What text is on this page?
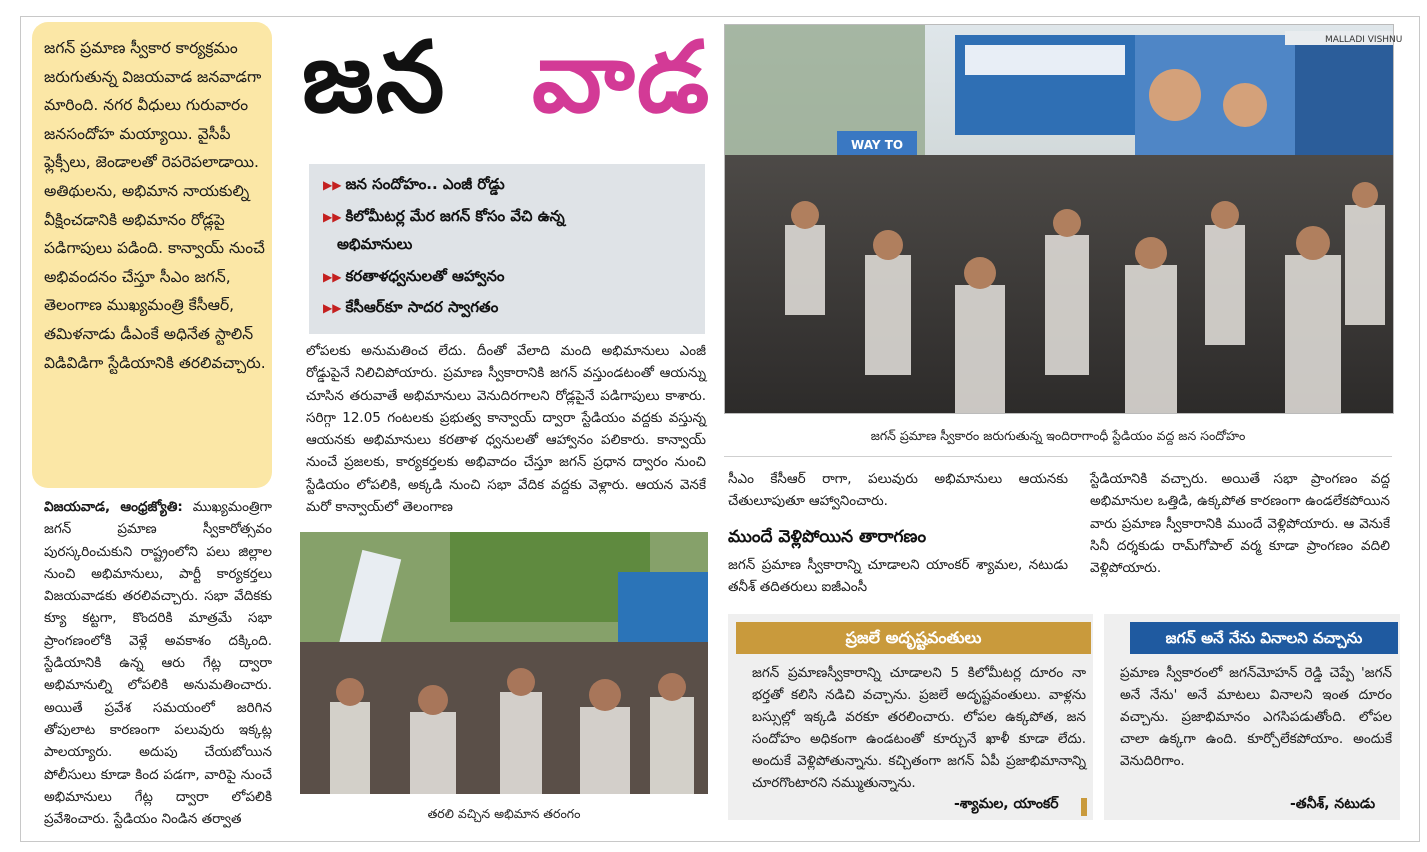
జగన్ ప్రమాణ స్వీకార కార్యక్రమం జరుగుతున్న విజయవాడ జనవాడగా మారింది. నగర వీధులు గురువారం జనసందోహ మయ్యాయి. వైసీపీ ఫ్లెక్సీలు, జెండాలతో రెపరెపలాడాయి. అతిథులను, అభిమాన నాయకుల్ని వీక్షించడానికి అభిమానం రోడ్లపై పడిగాపులు పడింది. కాన్వాయ్ నుంచే అభివందనం చేస్తూ సీఎం జగన్, తెలంగాణ ముఖ్యమంత్రి కేసీఆర్, తమిళనాడు డీఎంకే అధినేత స్టాలిన్ విడివిడిగా స్టేడియానికి తరలివచ్చారు.
జన వాడ
▶▶ జన సందోహం.. ఎంజీ రోడ్డు
▶▶ కిలోమీటర్ల మేర జగన్ కోసం వేచి ఉన్న
అభిమానులు
▶▶ కరతాళధ్వనులతో ఆహ్వానం
▶▶ కేసీఆర్‌కూ సాదర స్వాగతం
MALLADI VISHNU
WAY TO
జగన్ ప్రమాణ స్వీకారం జరుగుతున్న ఇందిరాగాంధీ స్టేడియం వద్ద జన సందోహం
విజయవాడ, ఆంధ్రజ్యోతి: ముఖ్యమంత్రిగా జగన్ ప్రమాణ స్వీకారోత్సవం పురస్కరించుకుని రాష్ట్రంలోని పలు జిల్లాల నుంచి అభిమానులు, పార్టీ కార్యకర్తలు విజయవాడకు తరలివచ్చారు. సభా వేదికకు క్యూ కట్టగా, కొందరికి మాత్రమే సభా ప్రాంగణంలోకి వెళ్లే అవకాశం దక్కింది. స్టేడియానికి ఉన్న ఆరు గేట్ల ద్వారా అభిమానుల్ని లోపలికి అనుమతించారు. అయితే ప్రవేశ సమయంలో జరిగిన తోపులాట కారణంగా పలువురు ఇక్కట్ల పాలయ్యారు. అదుపు చేయబోయిన పోలీసులు కూడా కింద పడగా, వారిపై నుంచే అభిమానులు గేట్ల ద్వారా లోపలికి ప్రవేశించారు. స్టేడియం నిండిన తర్వాత
లోపలకు అనుమతించ లేదు. దీంతో వేలాది మంది అభిమానులు ఎంజీ రోడ్డుపైనే నిలిచిపోయారు. ప్రమాణ స్వీకారానికి జగన్ వస్తుండటంతో ఆయన్ను చూసిన తరువాతే అభిమానులు వెనుదిరగాలని రోడ్లపైనే పడిగాపులు కాశారు. సరిగ్గా 12.05 గంటలకు ప్రభుత్వ కాన్వాయ్ ద్వారా స్టేడియం వద్దకు వస్తున్న ఆయనకు అభిమానులు కరతాళ ధ్వనులతో ఆహ్వానం పలికారు. కాన్వాయ్ నుంచే ప్రజలకు, కార్యకర్తలకు అభివాదం చేస్తూ జగన్ ప్రధాన ద్వారం నుంచి స్టేడియం లోపలికి, అక్కడి నుంచి సభా వేదిక వద్దకు వెళ్లారు. ఆయన వెనకే మరో కాన్వాయ్‌లో తెలంగాణ
తరలి వచ్చిన అభిమాన తరంగం
సీఎం కేసీఆర్ రాగా, పలువురు అభిమానులు ఆయనకు చేతులూపుతూ ఆహ్వానించారు.
ముందే వెళ్లిపోయిన తారాగణం
జగన్ ప్రమాణ స్వీకారాన్ని చూడాలని యాంకర్ శ్యామల, నటుడు తనీశ్ తదితరులు ఐజీఎంసీ
స్టేడియానికి వచ్చారు. అయితే సభా ప్రాంగణం వద్ద అభిమానుల ఒత్తిడి, ఉక్కపోత కారణంగా ఉండలేకపోయిన వారు ప్రమాణ స్వీకారానికి ముందే వెళ్లిపోయారు. ఆ వెనుకే సినీ దర్శకుడు రామ్‌గోపాల్ వర్మ కూడా ప్రాంగణం వదిలి వెళ్లిపోయారు.
ప్రజలే అదృష్టవంతులు
జగన్ ప్రమాణస్వీకారాన్ని చూడాలని 5 కిలోమీటర్ల దూరం నా భర్తతో కలిసి నడిచి వచ్చాను. ప్రజలే అదృష్టవంతులు. వాళ్లను బస్సుల్లో ఇక్కడి వరకూ తరలించారు. లోపల ఉక్కపోత, జన సందోహం అధికంగా ఉండటంతో కూర్చునే ఖాళీ కూడా లేదు. అందుకే వెళ్లిపోతున్నాను. కచ్చితంగా జగన్ ఏపీ ప్రజాభిమానాన్ని చూరగొంటారని నమ్ముతున్నాను.
-శ్యామల, యాంకర్
జగన్ అనే నేను వినాలని వచ్చాను
ప్రమాణ స్వీకారంలో జగన్‌మోహన్ రెడ్డి చెప్పే 'జగన్ అనే నేను' అనే మాటలు వినాలని ఇంత దూరం వచ్చాను. ప్రజాభిమానం ఎగసిపడుతోంది. లోపల చాలా ఉక్కగా ఉంది. కూర్చోలేకపోయాం. అందుకే వెనుదిరిగాం.
-తనీశ్, నటుడు
